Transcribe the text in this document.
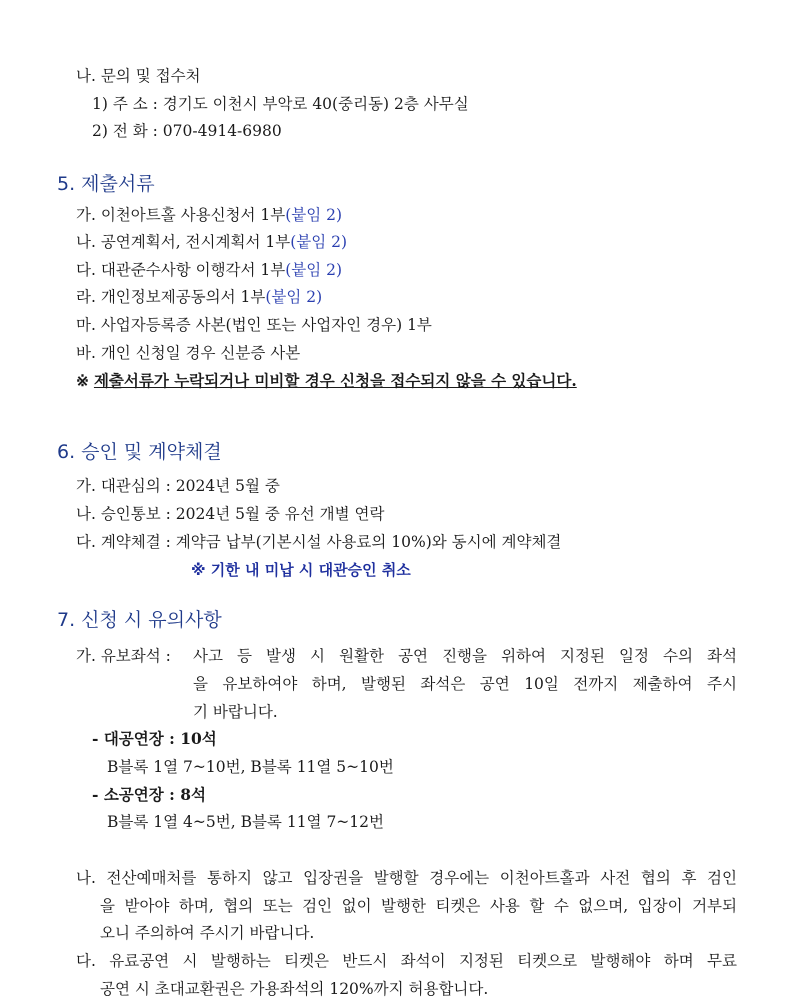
나. 문의 및 접수처
1) 주 소 : 경기도 이천시 부악로 40(중리동) 2층 사무실
2) 전 화 : 070-4914-6980
5. 제출서류
가. 이천아트홀 사용신청서 1부(붙임 2)
나. 공연계획서, 전시계획서 1부(붙임 2)
다. 대관준수사항 이행각서 1부(붙임 2)
라. 개인정보제공동의서 1부(붙임 2)
마. 사업자등록증 사본(법인 또는 사업자인 경우) 1부
바. 개인 신청일 경우 신분증 사본
※ 제출서류가 누락되거나 미비할 경우 신청을 접수되지 않을 수 있습니다.
6. 승인 및 계약체결
가. 대관심의 : 2024년 5월 중
나. 승인통보 : 2024년 5월 중 유선 개별 연락
다. 계약체결 : 계약금 납부(기본시설 사용료의 10%)와 동시에 계약체결
※ 기한 내 미납 시 대관승인 취소
7. 신청 시 유의사항
가. 유보좌석 : 사고 등 발생 시 원활한 공연 진행을 위하여 지정된 일정 수의 좌석
을 유보하여야 하며, 발행된 좌석은 공연 10일 전까지 제출하여 주시
기 바랍니다.
- 대공연장 : 10석
B블록 1열 7~10번, B블록 11열 5~10번
- 소공연장 : 8석
B블록 1열 4~5번, B블록 11열 7~12번
나. 전산예매처를 통하지 않고 입장권을 발행할 경우에는 이천아트홀과 사전 협의 후 검인
을 받아야 하며, 협의 또는 검인 없이 발행한 티켓은 사용 할 수 없으며, 입장이 거부되
오니 주의하여 주시기 바랍니다.
다. 유료공연 시 발행하는 티켓은 반드시 좌석이 지정된 티켓으로 발행해야 하며 무료
공연 시 초대교환권은 가용좌석의 120%까지 허용합니다.
